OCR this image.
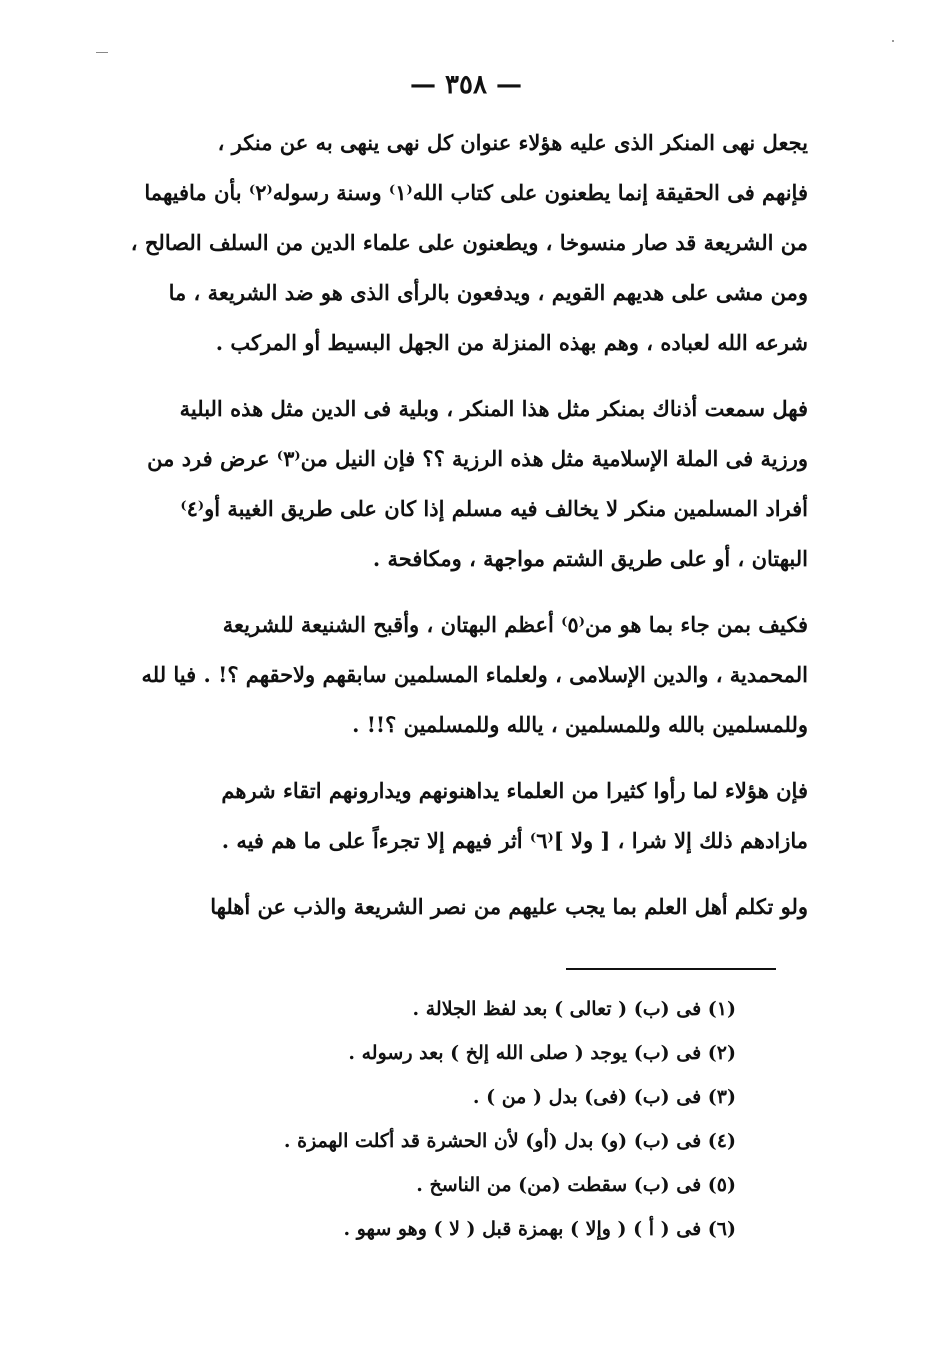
— ٣٥٨ —
يجعل نهى المنكر الذى عليه هؤلاء عنوان كل نهى ينهى به عن منكر ،
فإنهم فى الحقيقة إنما يطعنون على كتاب الله⁽١⁾ وسنة رسوله⁽٢⁾ بأن مافيهما
من الشريعة قد صار منسوخا ، ويطعنون على علماء الدين من السلف الصالح ،
ومن مشى على هديهم القويم ، ويدفعون بالرأى الذى هو ضد الشريعة ، ما
شرعه الله لعباده ، وهم بهذه المنزلة من الجهل البسيط أو المركب .
فهل سمعت أذناك بمنكر مثل هذا المنكر ، وبلية فى الدين مثل هذه البلية
ورزية فى الملة الإسلامية مثل هذه الرزية ؟؟ فإن النيل من⁽٣⁾ عرض فرد من
أفراد المسلمين منكر لا يخالف فيه مسلم إذا كان على طريق الغيبة أو⁽٤⁾
البهتان ، أو على طريق الشتم مواجهة ، ومكافحة .
فكيف بمن جاء بما هو من⁽٥⁾ أعظم البهتان ، وأقبح الشنيعة للشريعة
المحمدية ، والدين الإسلامى ، ولعلماء المسلمين سابقهم ولاحقهم ؟! . فيا لله
وللمسلمين بالله وللمسلمين ، يالله وللمسلمين ؟!! .
فإن هؤلاء لما رأوا كثيرا من العلماء يداهنونهم ويدارونهم اتقاء شرهم
مازادهم ذلك إلا شرا ، [ ولا ]⁽٦⁾ أثر فيهم إلا تجرءاً على ما هم فيه .
ولو تكلم أهل العلم بما يجب عليهم من نصر الشريعة والذب عن أهلها
(١) فى (ب) ( تعالى ) بعد لفظ الجلالة .
(٢) فى (ب) يوجد ( صلى الله إلخ ) بعد رسوله .
(٣) فى (ب) (فى) بدل ( من ) .
(٤) فى (ب) (و) بدل (أو) لأن الحشرة قد أكلت الهمزة .
(٥) فى (ب) سقطت (من) من الناسخ .
(٦) فى ( أ ) ( وإلا ) بهمزة قبل ( لا ) وهو سهو .
